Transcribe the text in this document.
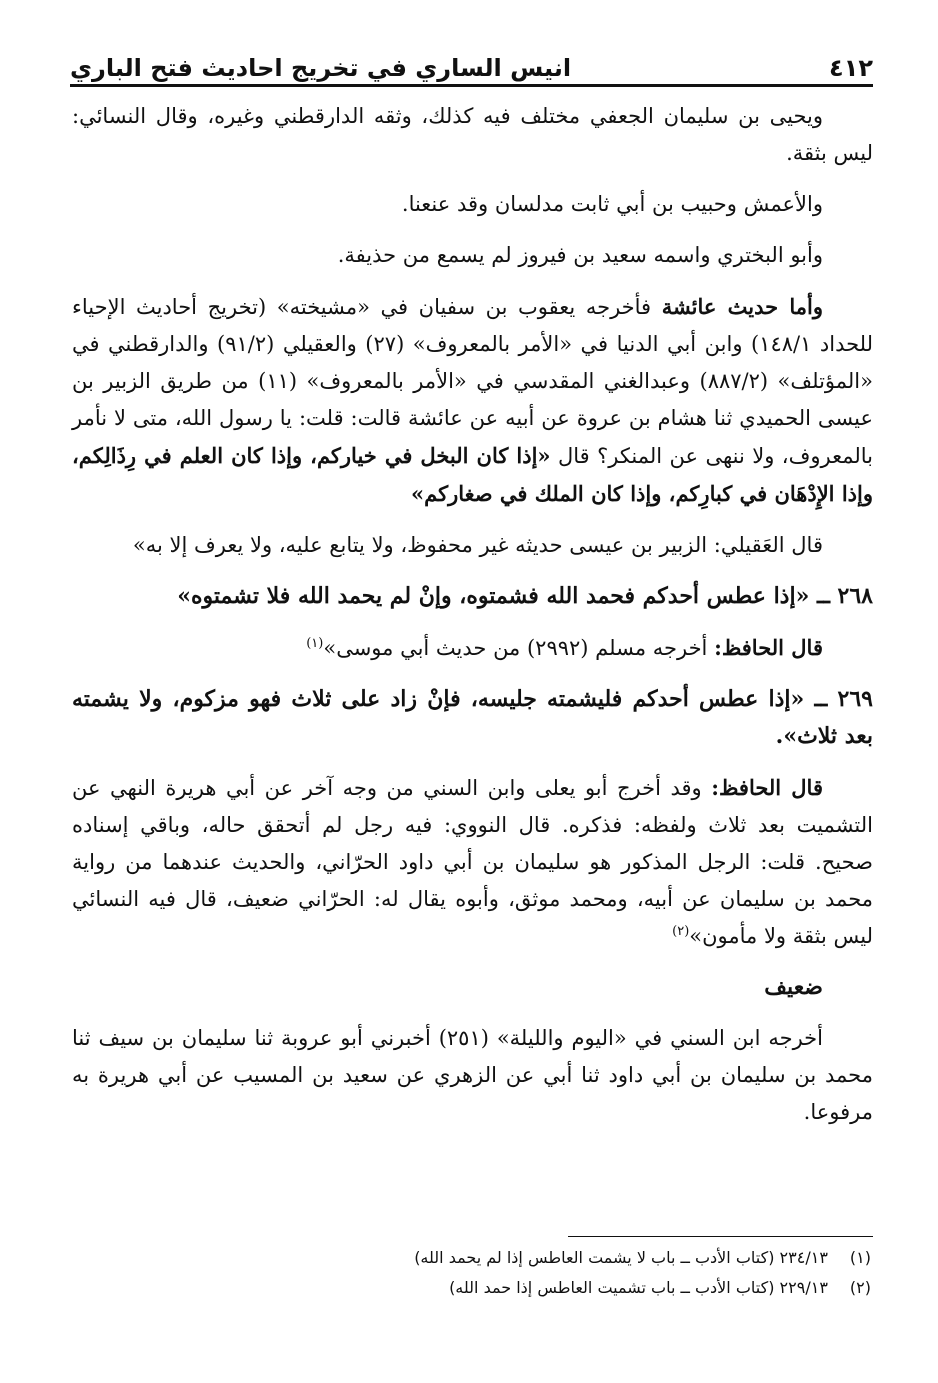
٤١٢
انيس الساري في تخريج احاديث فتح الباري

ويحيى بن سليمان الجعفي مختلف فيه كذلك، وثقه الدارقطني وغيره، وقال النسائي: ليس بثقة.

والأعمش وحبيب بن أبي ثابت مدلسان وقد عنعنا.

وأبو البختري واسمه سعيد بن فيروز لم يسمع من حذيفة.

وأما حديث عائشة فأخرجه يعقوب بن سفيان في «مشيخته» (تخريج أحاديث الإحياء للحداد ١٤٨/١) وابن أبي الدنيا في «الأمر بالمعروف» (٢٧) والعقيلي (٩١/٢) والدارقطني في «المؤتلف» (٨٨٧/٢) وعبدالغني المقدسي في «الأمر بالمعروف» (١١) من طريق الزبير بن عيسى الحميدي ثنا هشام بن عروة عن أبيه عن عائشة قالت: قلت: يا رسول الله، متى لا نأمر بالمعروف، ولا ننهى عن المنكر؟ قال «إذا كان البخل في خياركم، وإذا كان العلم في رِذَالِكم، وإذا الإِدْهَان في كبارِكم، وإذا كان الملك في صغاركم»

قال العَقيلي: الزبير بن عيسى حديثه غير محفوظ، ولا يتابع عليه، ولا يعرف إلا به»

٢٦٨ ــ «إذا عطس أحدكم فحمد الله فشمتوه، وإنْ لم يحمد الله فلا تشمتوه»

قال الحافظ: أخرجه مسلم (٢٩٩٢) من حديث أبي موسى»$^{(١)}$

٢٦٩ ــ «إذا عطس أحدكم فليشمته جليسه، فإنْ زاد على ثلاث فهو مزكوم، ولا يشمته بعد ثلاث».

قال الحافظ: وقد أخرج أبو يعلى وابن السني من وجه آخر عن أبي هريرة النهي عن التشميت بعد ثلاث ولفظه: فذكره. قال النووي: فيه رجل لم أتحقق حاله، وباقي إسناده صحيح. قلت: الرجل المذكور هو سليمان بن أبي داود الحرّاني، والحديث عندهما من رواية محمد بن سليمان عن أبيه، ومحمد موثق، وأبوه يقال له: الحرّاني ضعيف، قال فيه النسائي ليس بثقة ولا مأمون»$^{(٢)}$

ضعيف

أخرجه ابن السني في «اليوم والليلة» (٢٥١) أخبرني أبو عروبة ثنا سليمان بن سيف ثنا محمد بن سليمان بن أبي داود ثنا أبي عن الزهري عن سعيد بن المسيب عن أبي هريرة به مرفوعا.

(١)
٢٣٤/١٣ (كتاب الأدب ــ باب لا يشمت العاطس إذا لم يحمد الله)
(٢)
٢٢٩/١٣ (كتاب الأدب ــ باب تشميت العاطس إذا حمد الله)
